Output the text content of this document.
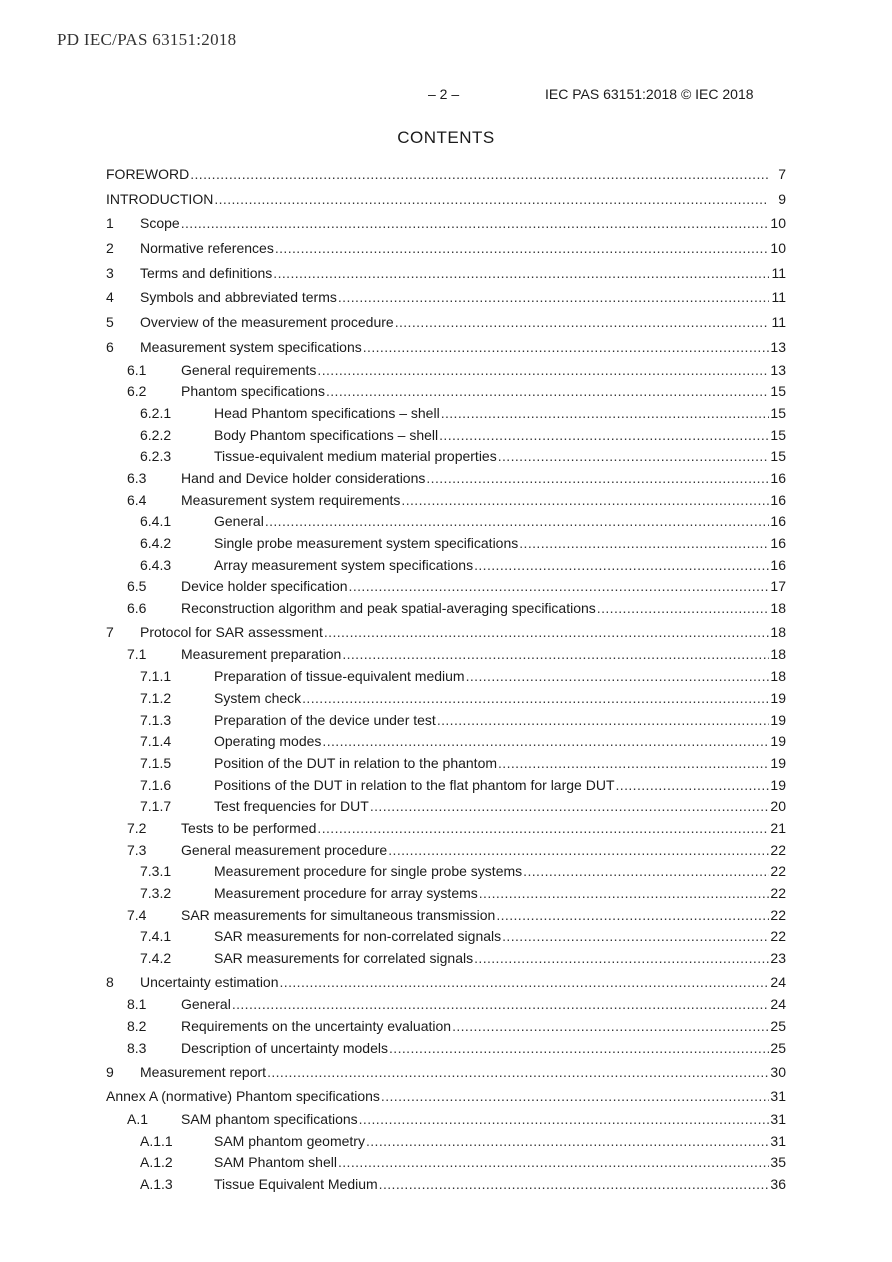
PD IEC/PAS 63151:2018
– 2 –	IEC PAS 63151:2018 © IEC 2018
CONTENTS
FOREWORD .....	7
INTRODUCTION .....	9
1	Scope .....	10
2	Normative references .....	10
3	Terms and definitions .....	11
4	Symbols and abbreviated terms .....	11
5	Overview of the measurement procedure .....	11
6	Measurement system specifications .....	13
6.1	General requirements .....	13
6.2	Phantom specifications .....	15
6.2.1	Head Phantom specifications – shell .....	15
6.2.2	Body Phantom specifications – shell .....	15
6.2.3	Tissue-equivalent medium material properties .....	15
6.3	Hand and Device holder considerations .....	16
6.4	Measurement system requirements .....	16
6.4.1	General .....	16
6.4.2	Single probe measurement system specifications .....	16
6.4.3	Array measurement system specifications .....	16
6.5	Device holder specification .....	17
6.6	Reconstruction algorithm and peak spatial-averaging specifications .....	18
7	Protocol for SAR assessment .....	18
7.1	Measurement preparation .....	18
7.1.1	Preparation of tissue-equivalent medium .....	18
7.1.2	System check .....	19
7.1.3	Preparation of the device under test .....	19
7.1.4	Operating modes .....	19
7.1.5	Position of the DUT in relation to the phantom .....	19
7.1.6	Positions of the DUT in relation to the flat phantom for large DUT .....	19
7.1.7	Test frequencies for DUT .....	20
7.2	Tests to be performed .....	21
7.3	General measurement procedure .....	22
7.3.1	Measurement procedure for single probe systems .....	22
7.3.2	Measurement procedure for array systems .....	22
7.4	SAR measurements for simultaneous transmission .....	22
7.4.1	SAR measurements for non-correlated signals .....	22
7.4.2	SAR measurements for correlated signals .....	23
8	Uncertainty estimation .....	24
8.1	General .....	24
8.2	Requirements on the uncertainty evaluation .....	25
8.3	Description of uncertainty models .....	25
9	Measurement report .....	30
Annex A (normative) Phantom specifications .....	31
A.1	SAM phantom specifications .....	31
A.1.1	SAM phantom geometry .....	31
A.1.2	SAM Phantom shell .....	35
A.1.3	Tissue Equivalent Medium .....	36
